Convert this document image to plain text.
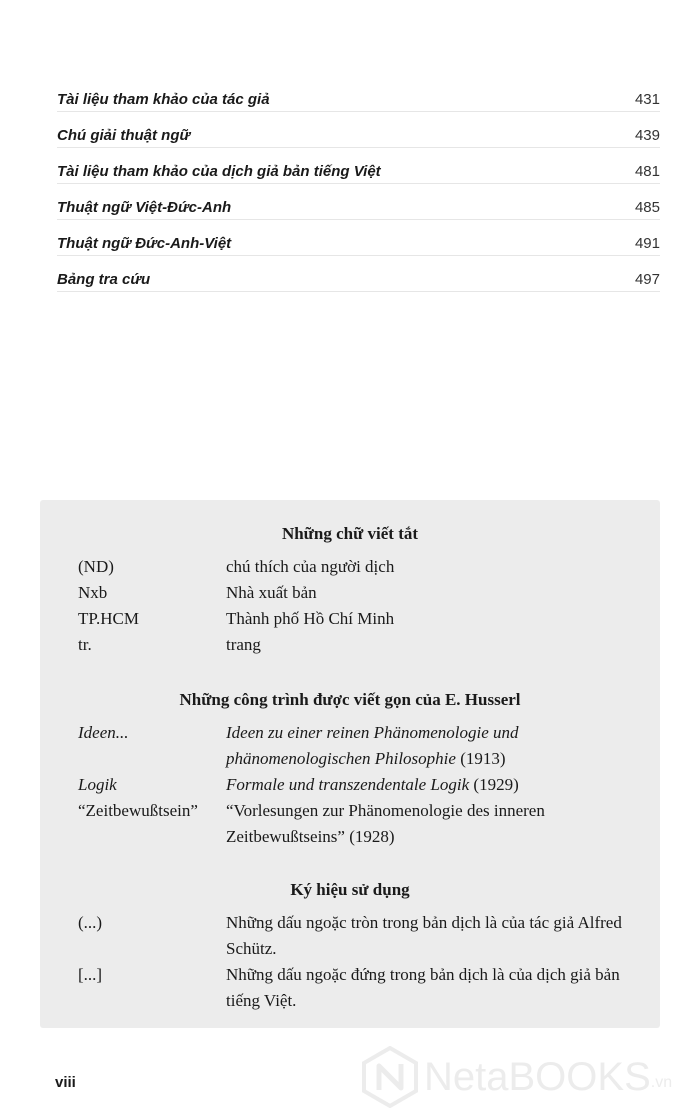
Tài liệu tham khảo của tác giả	431
Chú giải thuật ngữ	439
Tài liệu tham khảo của dịch giả bản tiếng Việt	481
Thuật ngữ Việt-Đức-Anh	485
Thuật ngữ Đức-Anh-Việt	491
Bảng tra cứu	497
Những chữ viết tắt
(ND)	chú thích của người dịch
Nxb	Nhà xuất bản
TP.HCM	Thành phố Hồ Chí Minh
tr.	trang
Những công trình được viết gọn của E. Husserl
Ideen...	Ideen zu einer reinen Phänomenologie und phänomenologischen Philosophie (1913)
Logik	Formale und transzendentale Logik (1929)
“Zeitbewußtsein”	“Vorlesungen zur Phänomenologie des inneren Zeitbewußtseins” (1928)
Ký hiệu sử dụng
(...)	Những dấu ngoặc tròn trong bản dịch là của tác giả Alfred Schütz.
[...]	Những dấu ngoặc đứng trong bản dịch là của dịch giả bản tiếng Việt.
viii	NetaBOOKS .vn
